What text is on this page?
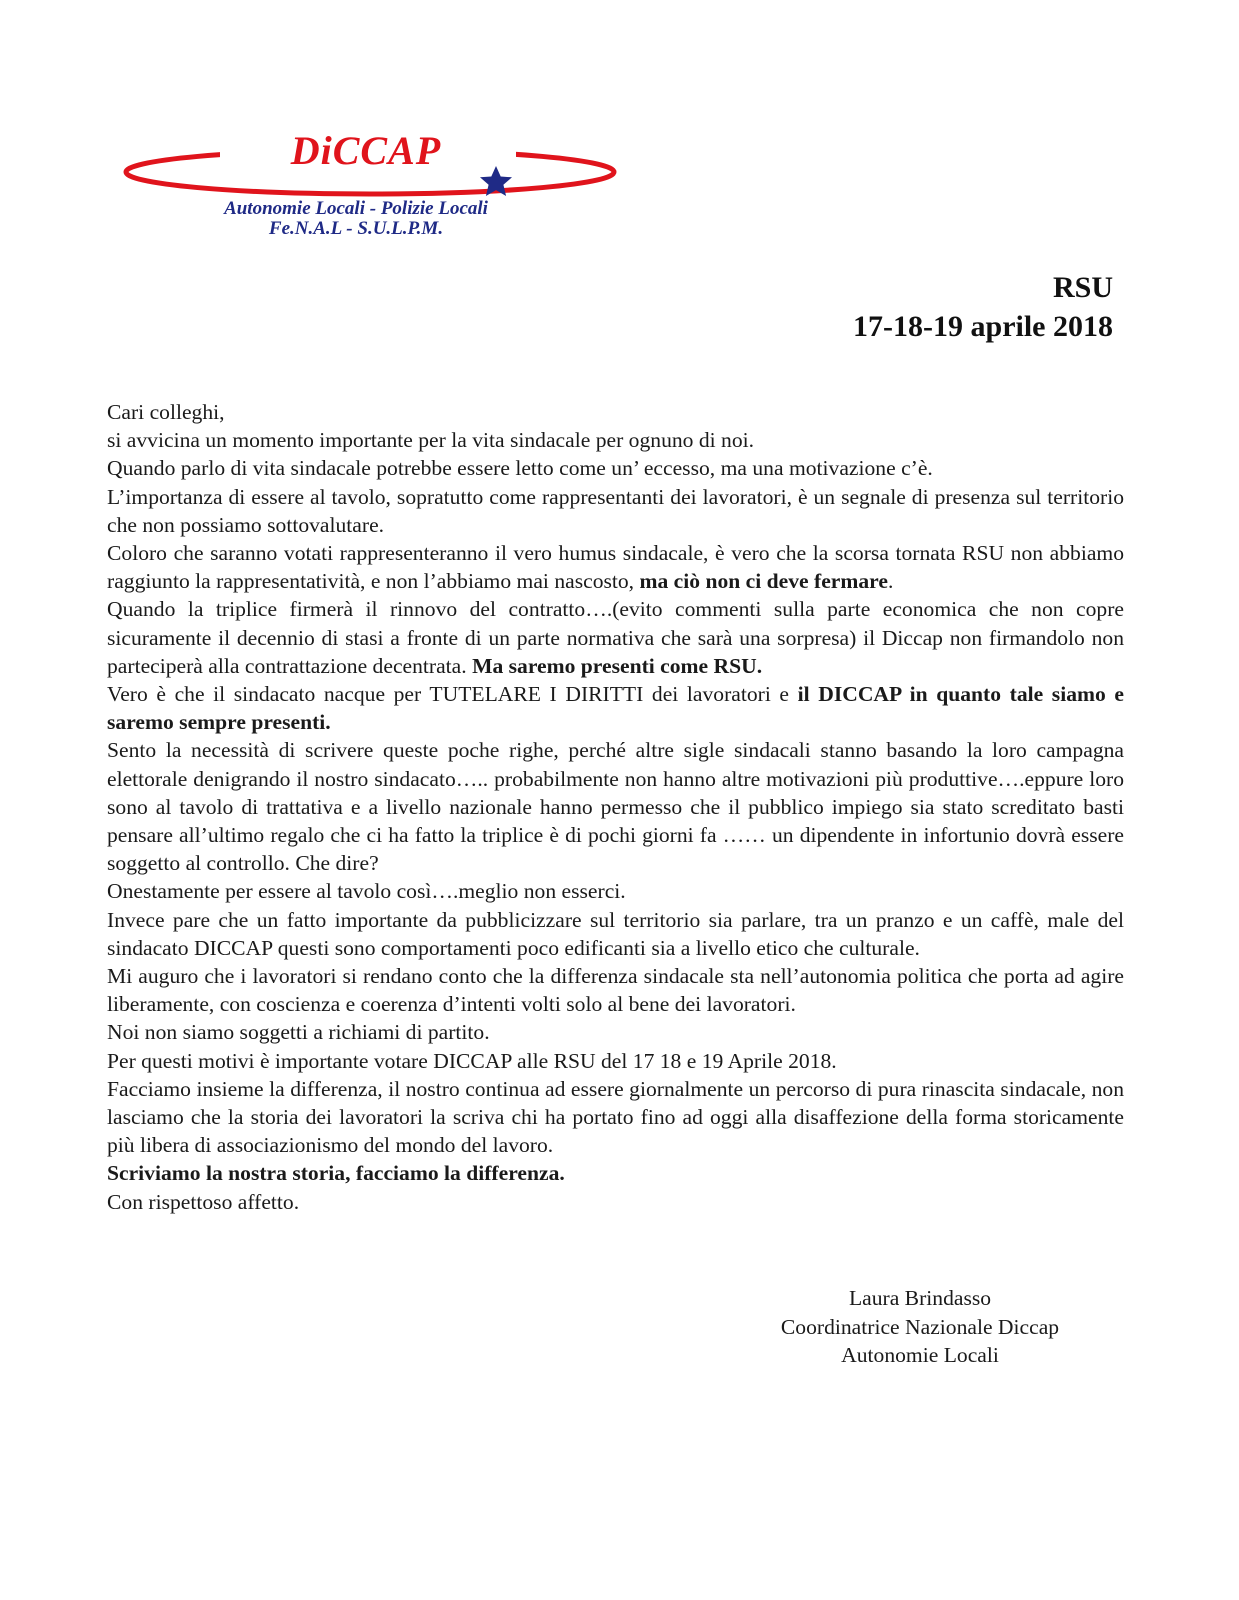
DiCCAP
Autonomie Locali - Polizie Locali
Fe.N.A.L - S.U.L.P.M.
RSU
17-18-19 aprile 2018

Cari colleghi,

si avvicina un momento importante per la vita sindacale per ognuno di noi.

Quando parlo di vita sindacale potrebbe essere letto come un’ eccesso, ma una motivazione c’è.

L’importanza di essere al tavolo, sopratutto come rappresentanti dei lavoratori, è un segnale di presenza sul territorio che non possiamo sottovalutare.

Coloro che saranno votati rappresenteranno il vero humus sindacale, è vero che la scorsa tornata RSU non abbiamo raggiunto la rappresentatività, e non l’abbiamo mai nascosto, ma ciò non ci deve fermare.

Quando la triplice firmerà il rinnovo del contratto….(evito commenti sulla parte economica che non copre sicuramente il decennio di stasi a fronte di un parte normativa che sarà una sorpresa) il Diccap non firmandolo non parteciperà alla contrattazione decentrata. Ma saremo presenti come RSU.

Vero è che il sindacato nacque per TUTELARE I DIRITTI dei lavoratori e il DICCAP in quanto tale siamo e saremo sempre presenti.

Sento la necessità di scrivere queste poche righe, perché altre sigle sindacali stanno basando la loro campagna elettorale denigrando il nostro sindacato….. probabilmente non hanno altre motivazioni più produttive….eppure loro sono al tavolo di trattativa e a livello nazionale hanno permesso che il pubblico impiego sia stato screditato basti pensare all’ultimo regalo che ci ha fatto la triplice è di pochi giorni fa …… un dipendente in infortunio dovrà essere soggetto al controllo. Che dire?

Onestamente per essere al tavolo così….meglio non esserci.

Invece pare che un fatto importante da pubblicizzare sul territorio sia parlare, tra un pranzo e un caffè, male del sindacato DICCAP questi sono comportamenti poco edificanti sia a livello etico che culturale.

Mi auguro che i lavoratori si rendano conto che la differenza sindacale sta nell’autonomia politica che porta ad agire liberamente, con coscienza e coerenza d’intenti volti solo al bene dei lavoratori.

Noi non siamo soggetti a richiami di partito.

Per questi motivi è importante votare DICCAP alle RSU del 17 18 e 19 Aprile 2018.

Facciamo insieme la differenza, il nostro continua ad essere giornalmente un percorso di pura rinascita sindacale, non lasciamo che la storia dei lavoratori la scriva chi ha portato fino ad oggi alla disaffezione della forma storicamente più libera di associazionismo del mondo del lavoro.

Scriviamo la nostra storia, facciamo la differenza.

Con rispettoso affetto.

Laura Brindasso
Coordinatrice Nazionale Diccap
Autonomie Locali
